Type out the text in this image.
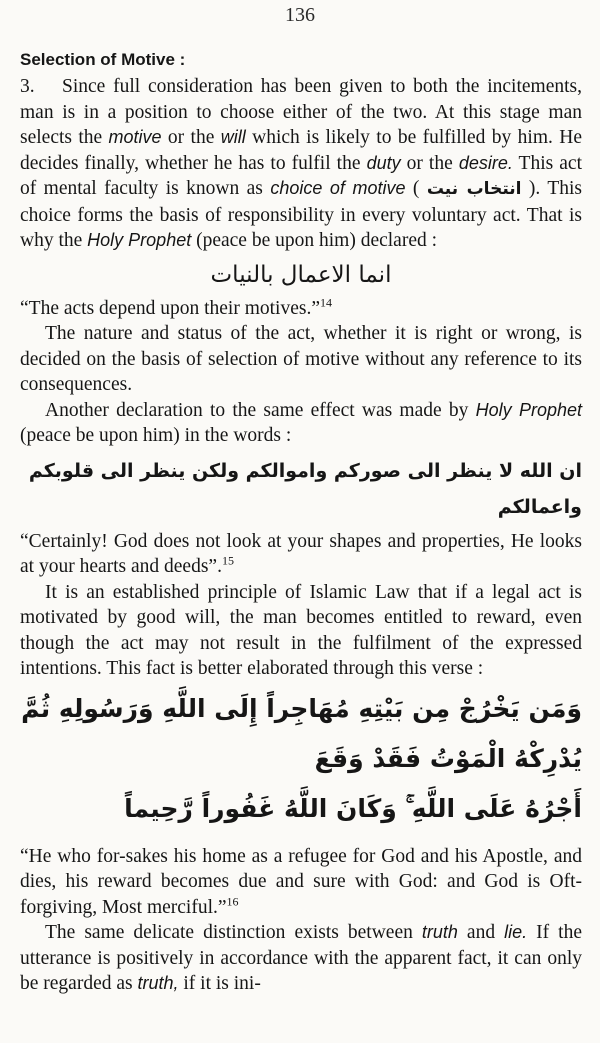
136
Selection of Motive :

3. Since full consideration has been given to both the incitements, man is in a position to choose either of the two. At this stage man selects the motive or the will which is likely to be fulfilled by him. He decides finally, whether he has to fulfil the duty or the desire. This act of mental faculty is known as choice of motive ( انتخاب نیت ). This choice forms the basis of responsibility in every voluntary act. That is why the Holy Prophet (peace be upon him) declared :

انما الاعمال بالنيات

“The acts depend upon their motives.”$^{14}$

The nature and status of the act, whether it is right or wrong, is decided on the basis of selection of motive without any reference to its consequences.

Another declaration to the same effect was made by Holy Prophet (peace be upon him) in the words :

ان الله لا ينظر الى صوركم واموالكم ولكن ينظر الى قلوبكم واعمالكم

“Certainly! God does not look at your shapes and properties, He looks at your hearts and deeds”.$^{15}$

It is an established principle of Islamic Law that if a legal act is motivated by good will, the man becomes entitled to reward, even though the act may not result in the fulfilment of the expressed intentions. This fact is better elaborated through this verse :

وَمَن يَخْرُجْ مِن بَيْتِهِ مُهَاجِراً إِلَى اللَّهِ وَرَسُولِهِ ثُمَّ يُدْرِكْهُ الْمَوْتُ فَقَدْ وَقَعَ
أَجْرُهُ عَلَى اللَّهِ ۚ وَكَانَ اللَّهُ غَفُوراً رَّحِيماً

“He who for-sakes his home as a refugee for God and his Apostle, and dies, his reward becomes due and sure with God: and God is Oft-forgiving, Most merciful.”$^{16}$

The same delicate distinction exists between truth and lie. If the utterance is positively in accordance with the apparent fact, it can only be regarded as truth, if it is ini-
